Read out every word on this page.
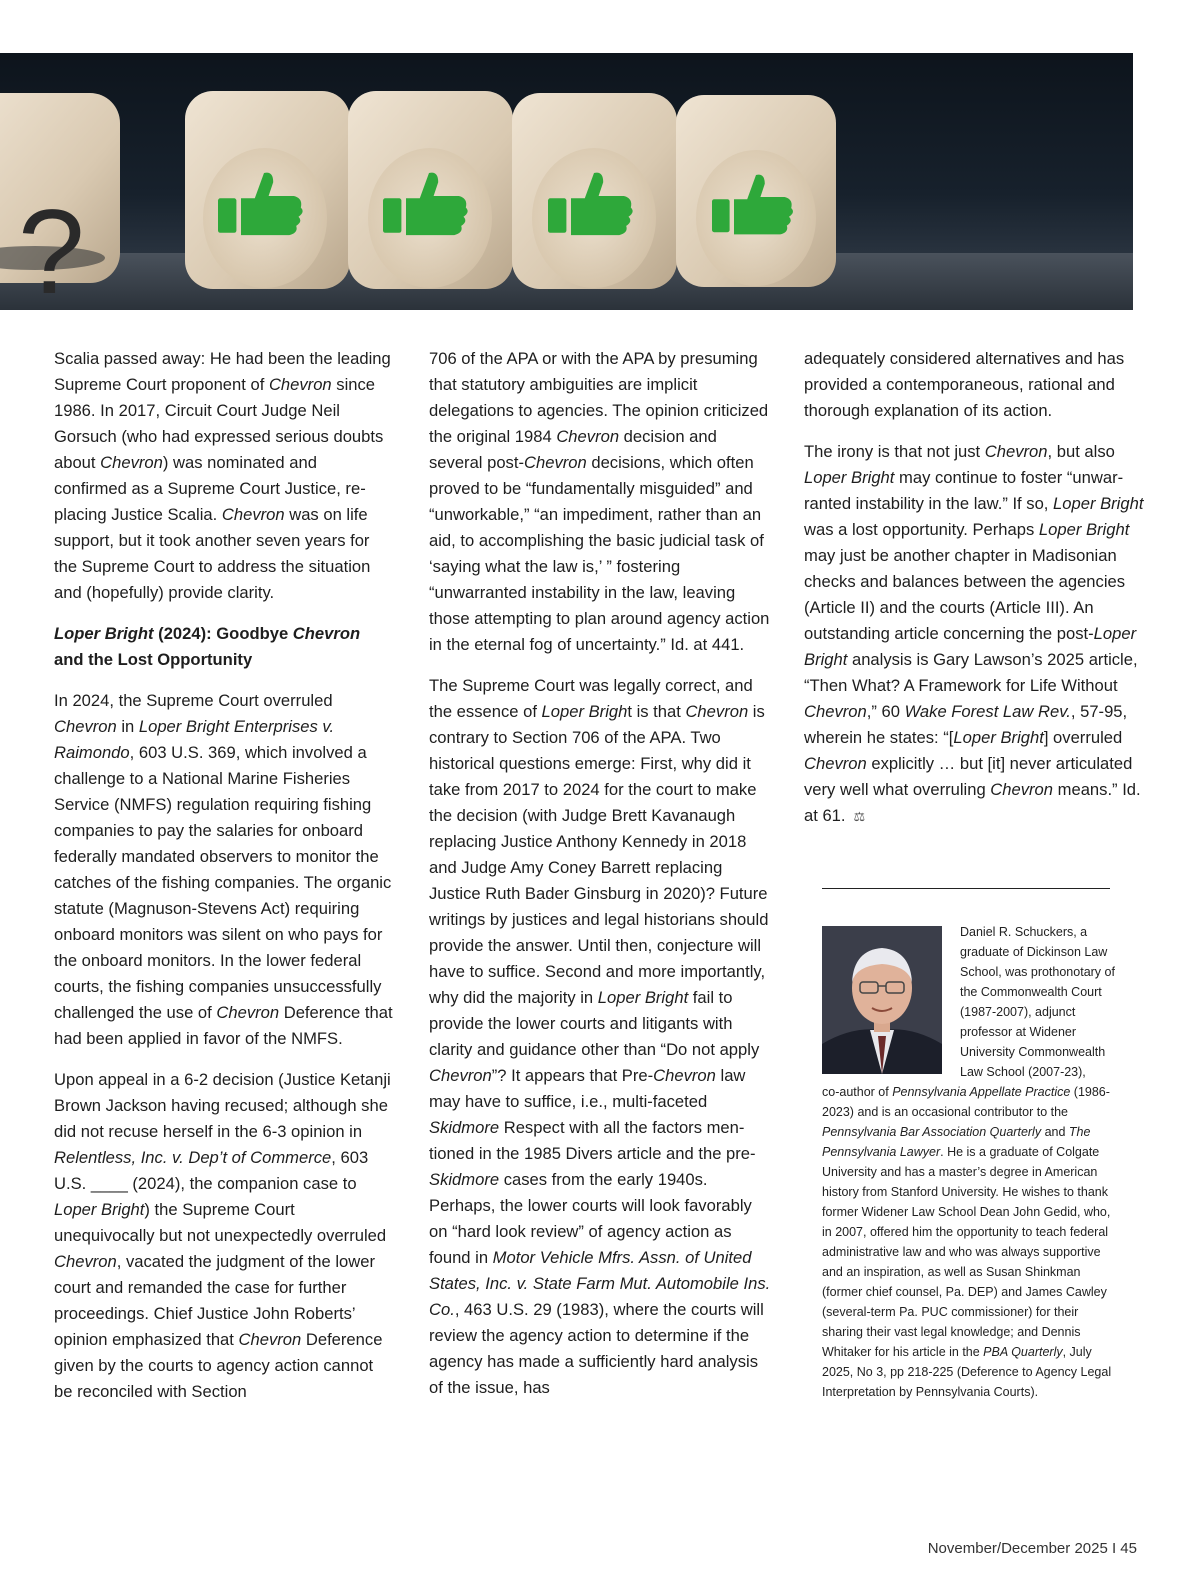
?

Scalia passed away: He had been the leading Supreme Court proponent of Chevron since 1986. In 2017, Circuit Court Judge Neil Gorsuch (who had expressed serious doubts about Chevron) was nominated and confirmed as a Supreme Court Justice, replacing Justice Scalia. Chevron was on life support, but it took another seven years for the Supreme Court to address the situation and (hopefully) provide clarity.

Loper Bright (2024): Goodbye Chevron and the Lost Opportunity

In 2024, the Supreme Court overruled Chevron in Loper Bright Enterprises v. Raimondo, 603 U.S. 369, which involved a challenge to a National Marine Fisheries Service (NMFS) regulation requiring fishing companies to pay the salaries for onboard federally mandated observers to monitor the catches of the fishing companies. The organic statute (Magnuson-Stevens Act) requiring onboard monitors was silent on who pays for the onboard monitors. In the lower federal courts, the fishing companies unsuccessfully challenged the use of Chevron Deference that had been applied in favor of the NMFS.

Upon appeal in a 6-2 decision (Justice Ketanji Brown Jackson having recused; although she did not recuse herself in the 6-3 opinion in Relentless, Inc. v. Dep’t of Commerce, 603 U.S. ____ (2024), the companion case to Loper Bright) the Supreme Court unequivocally but not unexpectedly overruled Chevron, vacated the judgment of the lower court and remanded the case for further proceedings. Chief Justice John Roberts’ opinion emphasized that Chevron Deference given by the courts to agency action cannot be reconciled with Section

706 of the APA or with the APA by presuming that statutory ambiguities are implicit delegations to agencies. The opinion criticized the original 1984 Chevron decision and several post-Chevron decisions, which often proved to be “fundamentally misguided” and “unworkable,” “an impediment, rather than an aid, to accomplishing the basic judicial task of ‘saying what the law is,’ ” fostering “unwarranted instability in the law, leaving those attempting to plan around agency action in the eternal fog of uncertainty.” Id. at 441.

The Supreme Court was legally correct, and the essence of Loper Bright is that Chevron is contrary to Section 706 of the APA. Two historical questions emerge: First, why did it take from 2017 to 2024 for the court to make the decision (with Judge Brett Kavanaugh replacing Justice Anthony Kennedy in 2018 and Judge Amy Coney Barrett replacing Justice Ruth Bader Ginsburg in 2020)? Future writings by justices and legal historians should provide the answer. Until then, conjecture will have to suffice. Second and more importantly, why did the majority in Loper Bright fail to provide the lower courts and litigants with clarity and guidance other than “Do not apply Chevron”? It appears that Pre-Chevron law may have to suffice, i.e., multi-faceted Skidmore Respect with all the factors mentioned in the 1985 Divers article and the pre-Skidmore cases from the early 1940s. Perhaps, the lower courts will look favorably on “hard look review” of agency action as found in Motor Vehicle Mfrs. Assn. of United States, Inc. v. State Farm Mut. Automobile Ins. Co., 463 U.S. 29 (1983), where the courts will review the agency action to determine if the agency has made a sufficiently hard analysis of the issue, has

adequately considered alternatives and has provided a contemporaneous, rational and thorough explanation of its action.

The irony is that not just Chevron, but also Loper Bright may continue to foster “unwarranted instability in the law.” If so, Loper Bright was a lost opportunity. Perhaps Loper Bright may just be another chapter in Madisonian checks and balances between the agencies (Article II) and the courts (Article III). An outstanding article concerning the post-Loper Bright analysis is Gary Lawson’s 2025 article, “Then What? A Framework for Life Without Chevron,” 60 Wake Forest Law Rev., 57-95, wherein he states: “[Loper Bright] overruled Chevron explicitly … but [it] never articulated very well what overruling Chevron means.” Id. at 61. ⚖

Daniel R. Schuckers, a graduate of Dickinson Law School, was prothonotary of the Commonwealth Court (1987-2007), adjunct professor at Widener University Commonwealth Law School (2007-23),
co-author of Pennsylvania Appellate Practice (1986-2023) and is an occasional contributor to the Pennsylvania Bar Association Quarterly and The Pennsylvania Lawyer. He is a graduate of Colgate University and has a master’s degree in American history from Stanford University. He wishes to thank former Widener Law School Dean John Gedid, who, in 2007, offered him the opportunity to teach federal administrative law and who was always supportive and an inspiration, as well as Susan Shinkman (former chief counsel, Pa. DEP) and James Cawley (several-term Pa. PUC commissioner) for their sharing their vast legal knowledge; and Dennis Whitaker for his article in the PBA Quarterly, July 2025, No 3, pp 218-225 (Deference to Agency Legal Interpretation by Pennsylvania Courts).
November/December 2025 I 45
